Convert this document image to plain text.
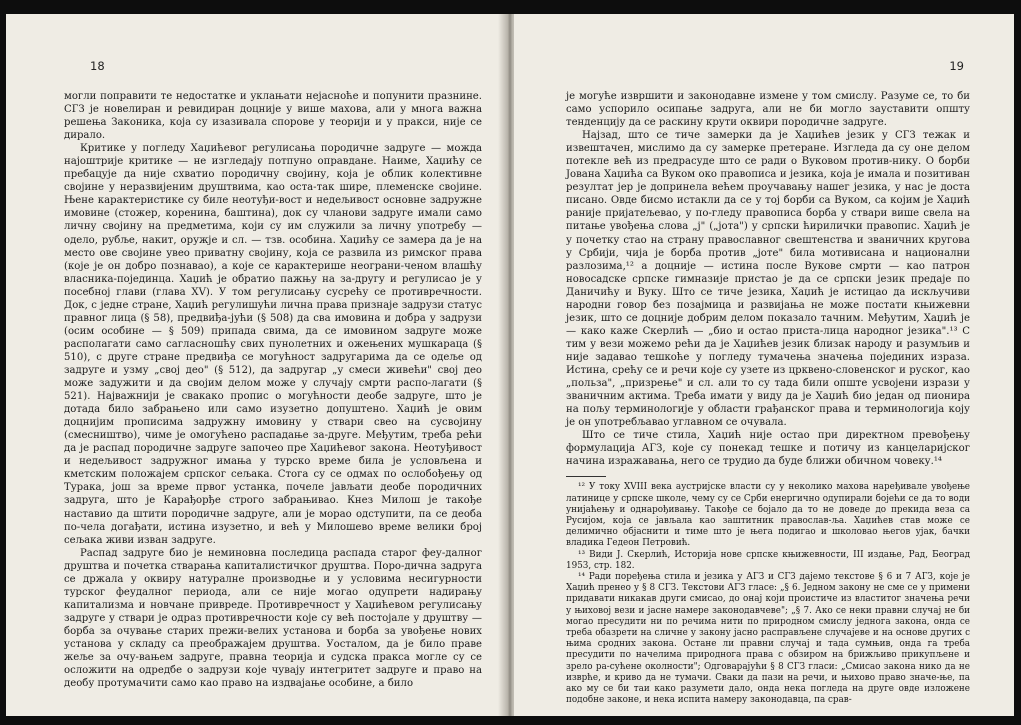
18

могли поправити те недостатке и уклањати нејасноће и попунити празнине. СГЗ је новелиран и ревидиран доцније у више махова, али у многа важна решења Законика, која су изазивала спорове у теорији и у пракси, није се дирало.

Критике у погледу Хаџићевог регулисања породичне задруге — можда најоштрије критике — не изгледају потпуно оправдане. Наиме, Хаџићу се пребацује да није схватио породичну својину, која је облик колективне својине у неразвијеним друштвима, као оста-так шире, племенске својине. Њене карактеристике су биле неотуђи-вост и недељивост основне задружне имовине (стожер, коренина, баштина), док су чланови задруге имали само личну својину на предметима, који су им служили за личну употребу — одело, рубље, накит, оружје и сл. — тзв. особина. Хаџићу се замера да је на место ове својине увео приватну својину, која се развила из римског права (које је он добро познавао), а које се карактерише неограни-ченом влашћу власника-појединца. Хаџић је обратио пажњу на за-другу и регулисао је у посебној глави (глава XV). У том регулисању сусрећу се противречности. Док, с једне стране, Хаџић регулишући лична права признаје задрузи статус правног лица (§ 58), предвиђа-јући (§ 508) да сва имовина и добра у задрузи (осим особине — § 509) припада свима, да се имовином задруге може располагати само сагласношћу свих пунолетних и ожењених мушкараца (§ 510), с друге стране предвиђа се могућност задругарима да се одеље од задруге и узму „свој део" (§ 512), да задругар „у смеси живећи" свој део може задужити и да својим делом може у случају смрти распо-лагати (§ 521). Најважнији је свакако пропис о могућности деобе задруге, што је дотада било забрањено или само изузетно допуштено. Хаџић је овим доцнијим прописима задружну имовину у ствари свео на сусвојину (смесништво), чиме је омогућено распадање за-друге. Међутим, треба рећи да је распад породичне задруге започео пре Хаџићевог закона. Неотуђивост и недељивост задружног имања у турско време била је условљена и кметским положајем српског сељака. Стога су се одмах по ослобођењу од Турака, још за време првог устанка, почеле јављати деобе породичних задруга, што је Карађорђе строго забрањивао. Кнез Милош је такође наставио да штити породичне задруге, али је мораo одступити, па се деоба по-чела догађати, истина изузетно, и већ у Милошево време велики број сељака живи изван задруге.

Распад задруге био је неминовна последица распада старог феу-далног друштва и почетка стварања капиталистичког друштва. Поро-дична задруга се држала у оквиру натуралне производње и у условима несигурности турског феудалног периода, али се није могао одупрети надирању капитализма и новчане привреде. Противречност у Хаџићевом регулисању задруге у ствари је одраз противречности које су већ постојале у друштву — борба за очување старих прежи-велих установа и борба за увођење нових установа у складу са преображајем друштва. Уосталом, да је било праве жеље за очу-вањем задруге, правна теорија и судска пракса могле су се осложити на одредбе о задрузи које чувају интегритет задруге и право на деобу протумачити само као право на издвајање особине, а било

19

је могуће извршити и законодавне измене у том смислу. Разуме се, то би само успорило осипање задруга, али не би могло зауставити општу тенденцију да се раскину крути оквири породичне задруге.

Најзад, што се тиче замерки да је Хаџићев језик у СГЗ тежак и извештачен, мислимо да су замерке претеране. Изгледа да су оне делом потекле већ из предрасуде што се ради о Вуковом против-нику. О борби Јована Хаџића са Вуком око правописа и језика, која је имала и позитиван резултат јер је допринела већем проучавању нашег језика, у нас је доста писано. Овде бисмо истакли да се у тој борби са Вуком, са којим је Хаџић раније пријатељевао, у по-гледу правописа борба у ствари више свела на питање увођења слова „ј" („јота") у српски ћирилички правопис. Хаџић је у почетку стао на страну православног свештенства и званичних кругова у Србији, чија је борба против „јоте" била мотивисана и национални разлозима,¹² а доцније — истина после Вукове смрти — као патрон новосадске српске гимназије пристао је да се српски језик предаје по Даничићу и Вуку. Што се тиче језика, Хаџић је истицао да искључиви народни говор без позајмица и развијања не може постати књижевни језик, што се доцније добрим делом показало тачним. Међутим, Хаџић је — како каже Скерлић — „био и остао приста-лица народног језика".¹³ С тим у вези можемо рећи да је Хаџићев језик близак народу и разумљив и није задавао тешкоће у погледу тумачења значења појединих израза. Истина, срећу се и речи које су узете из црквено-словенског и руског, као „польза", „призрење" и сл. али то су тада били опште усвојени изрази у званичним актима. Треба имати у виду да је Хаџић био један од пионира на пољу терминологије у области грађанског права и терминологија коју је он употребљавао углавном се очувала.

Што се тиче стила, Хаџић није остао при директном превођењу формулација АГЗ, које су понекад тешке и потичу из канцеларијског начина изражавања, него се трудио да буде ближи обичном човеку.¹⁴

¹² У току XVIII века аустријске власти су у неколико махова наређивале увођење латинице у српске школе, чему су се Срби енергично одупирали бојећи се да то води унијаћењу и однарођивању. Такође се бојало да то не доведе до прекида веза са Русијом, која се јављала као заштитник православ-ља. Хаџићев став може се делимично објаснити и тиме што је њега подигао и школовао његов ујак, бачки владика Гедеон Петровић.

¹³ Види Ј. Скерлић, Историја нове српске књижевности, III издање, Рад, Београд 1953, стр. 182.

¹⁴ Ради поређења стила и језика у АГЗ и СГЗ дајемо текстове § 6 и 7 АГЗ, које је Хаџић пренео у § 8 СГЗ. Текстови АГЗ гласе: „§ 6. Једном закону не смe се у примени придавати никакав други смисао, до онај који проистиче из властитог значења речи у њиховој вези и јасне намере законодавчеве"; „§ 7. Ако се неки правни случај не би могао пресудити ни по речима нити по природном смислу једнога закона, онда се треба обазрети на сличне у закону јасно распрaвљене случајеве и на основе других с њима сродних закона. Остане ли правни случај и тада сумњив, онда га треба пресудити по начелима природнога права с обзиром на брижљиво прикупљене и зрело ра-сућене околности"; Одговарајући § 8 СГЗ гласи: „Смисао закона нико да не изврће, и криво да не тумачи. Сваки да пази на речи, и њихово право значе-ње, па ако му се би таи како разумети дало, онда нека погледа на друге овде изложене подобне законе, и нека испита намеру законодавца, па срав-
